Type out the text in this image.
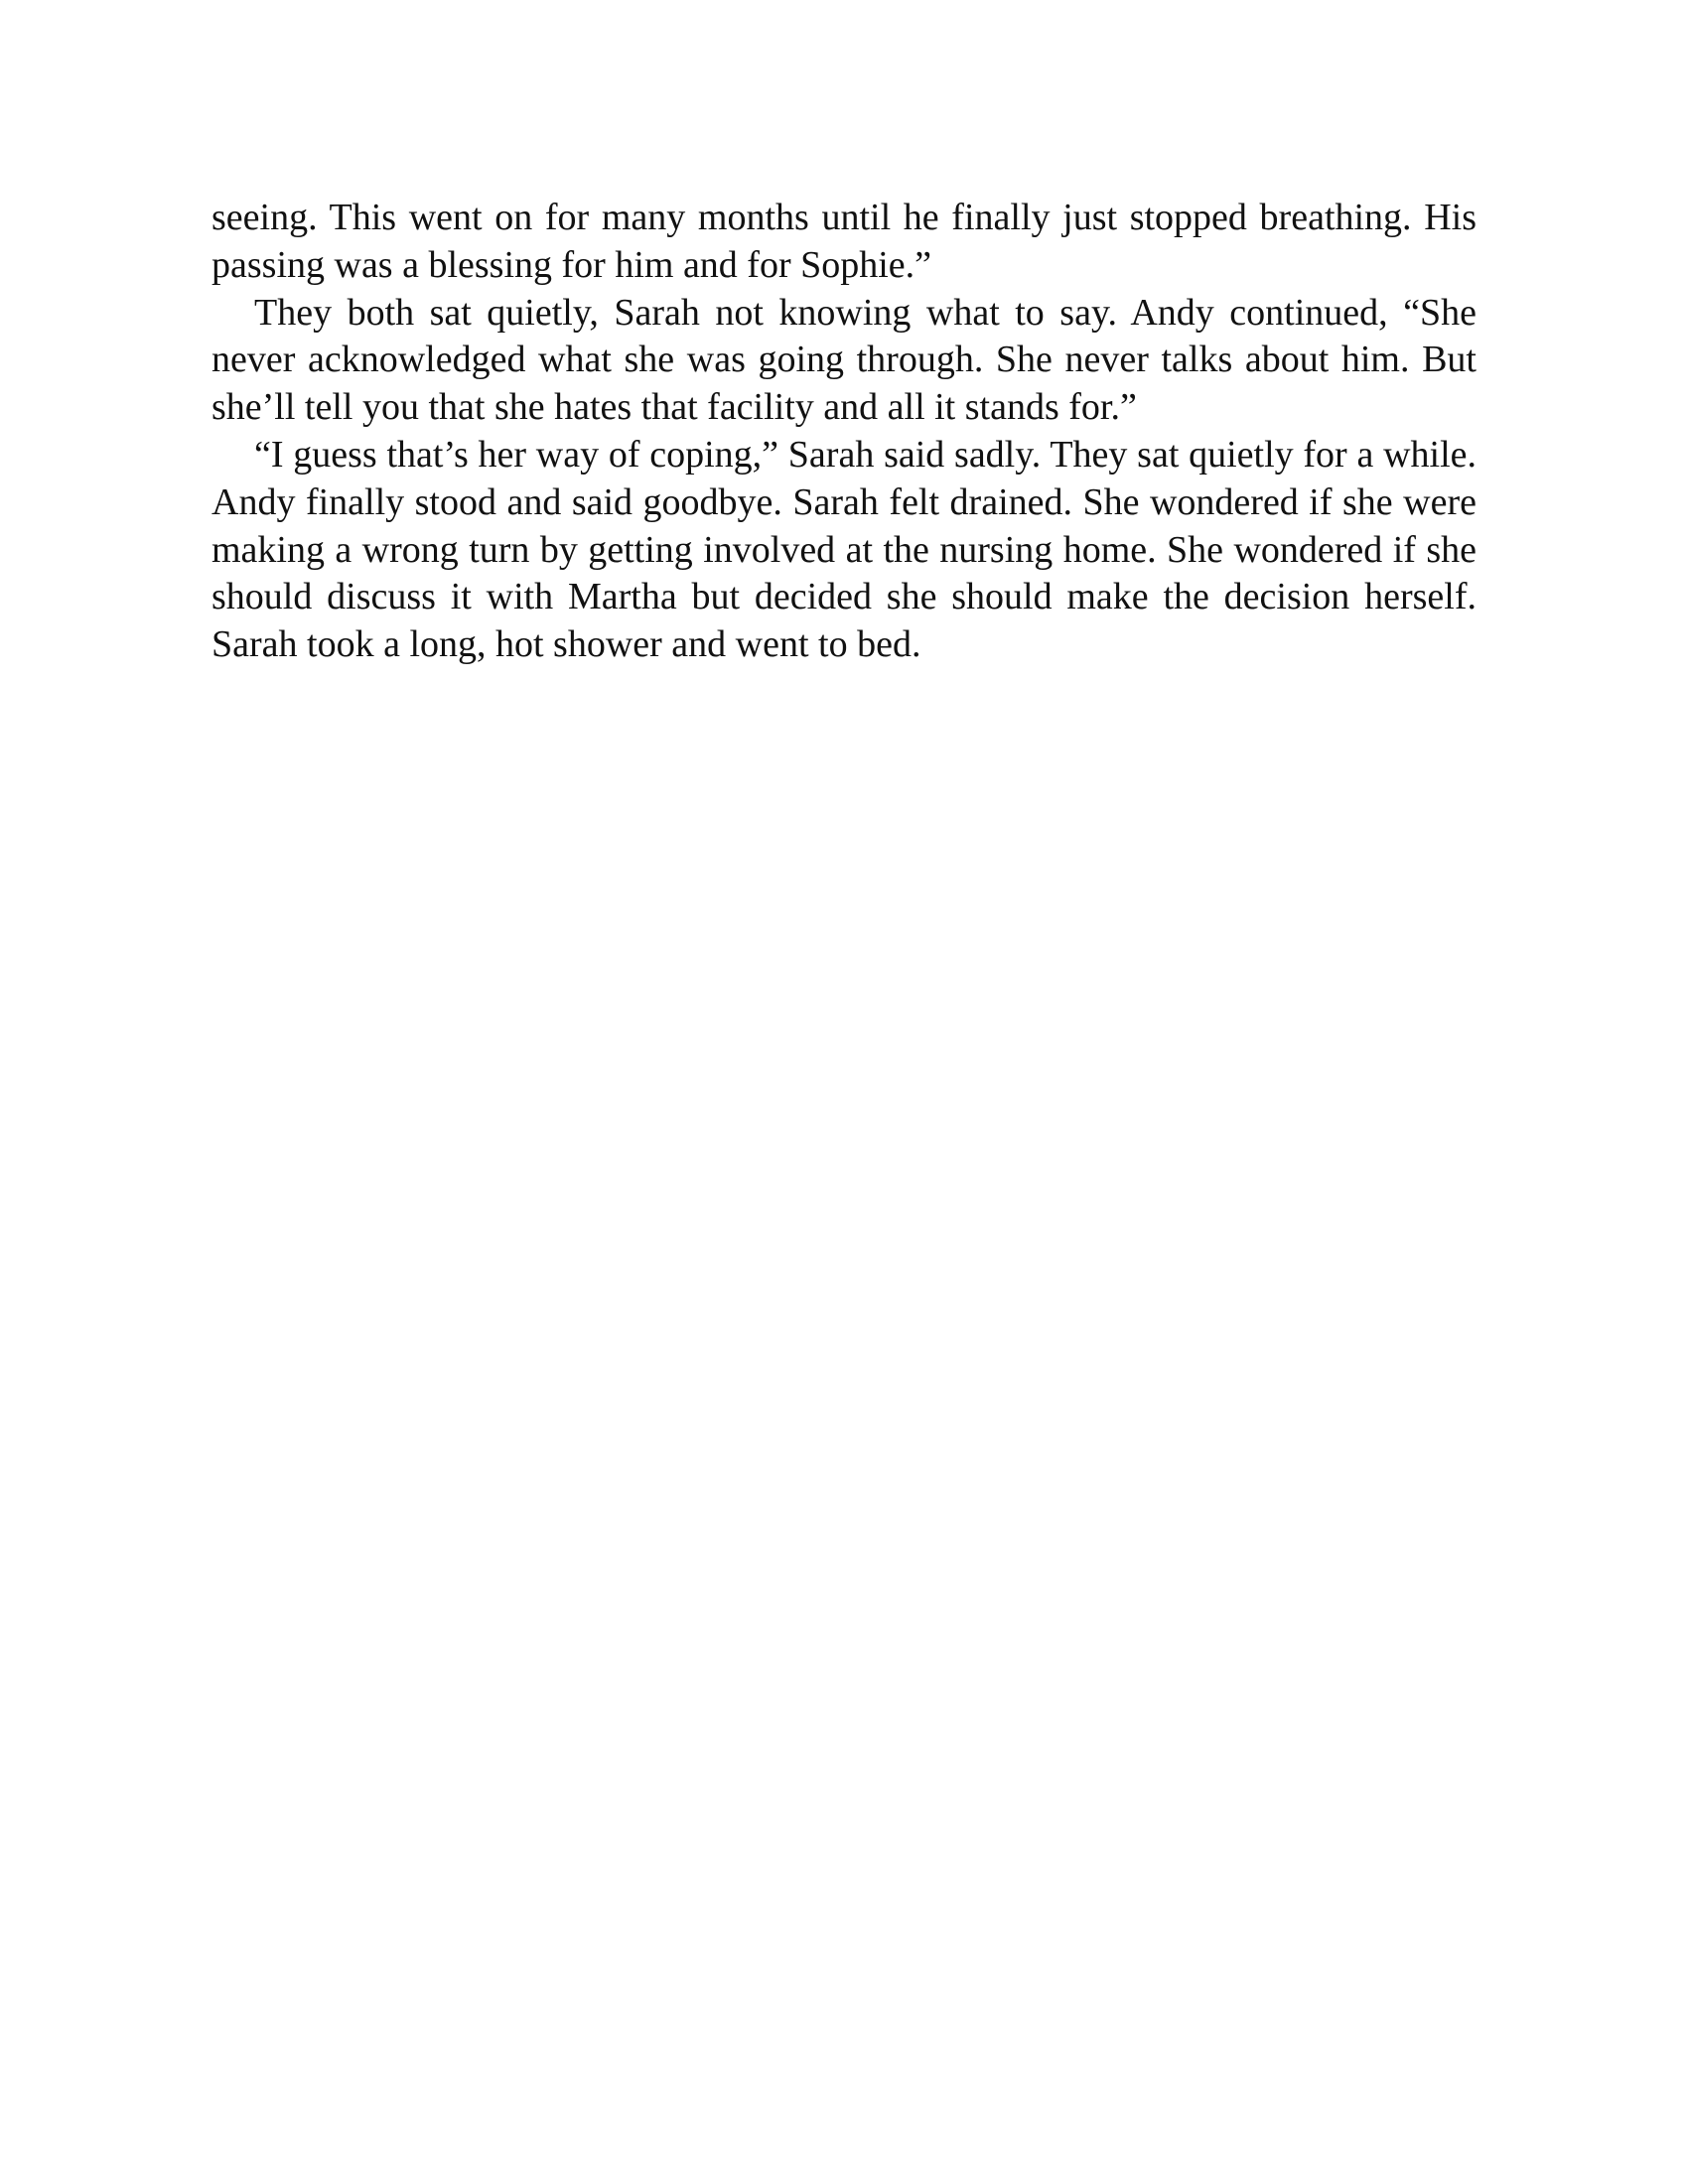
seeing. This went on for many months until he finally just stopped breathing. His passing was a blessing for him and for Sophie.”

They both sat quietly, Sarah not knowing what to say. Andy continued, “She never acknowledged what she was going through. She never talks about him. But she’ll tell you that she hates that facility and all it stands for.”

“I guess that’s her way of coping,” Sarah said sadly. They sat quietly for a while. Andy finally stood and said goodbye. Sarah felt drained. She wondered if she were making a wrong turn by getting involved at the nursing home. She wondered if she should discuss it with Martha but decided she should make the decision herself. Sarah took a long, hot shower and went to bed.
